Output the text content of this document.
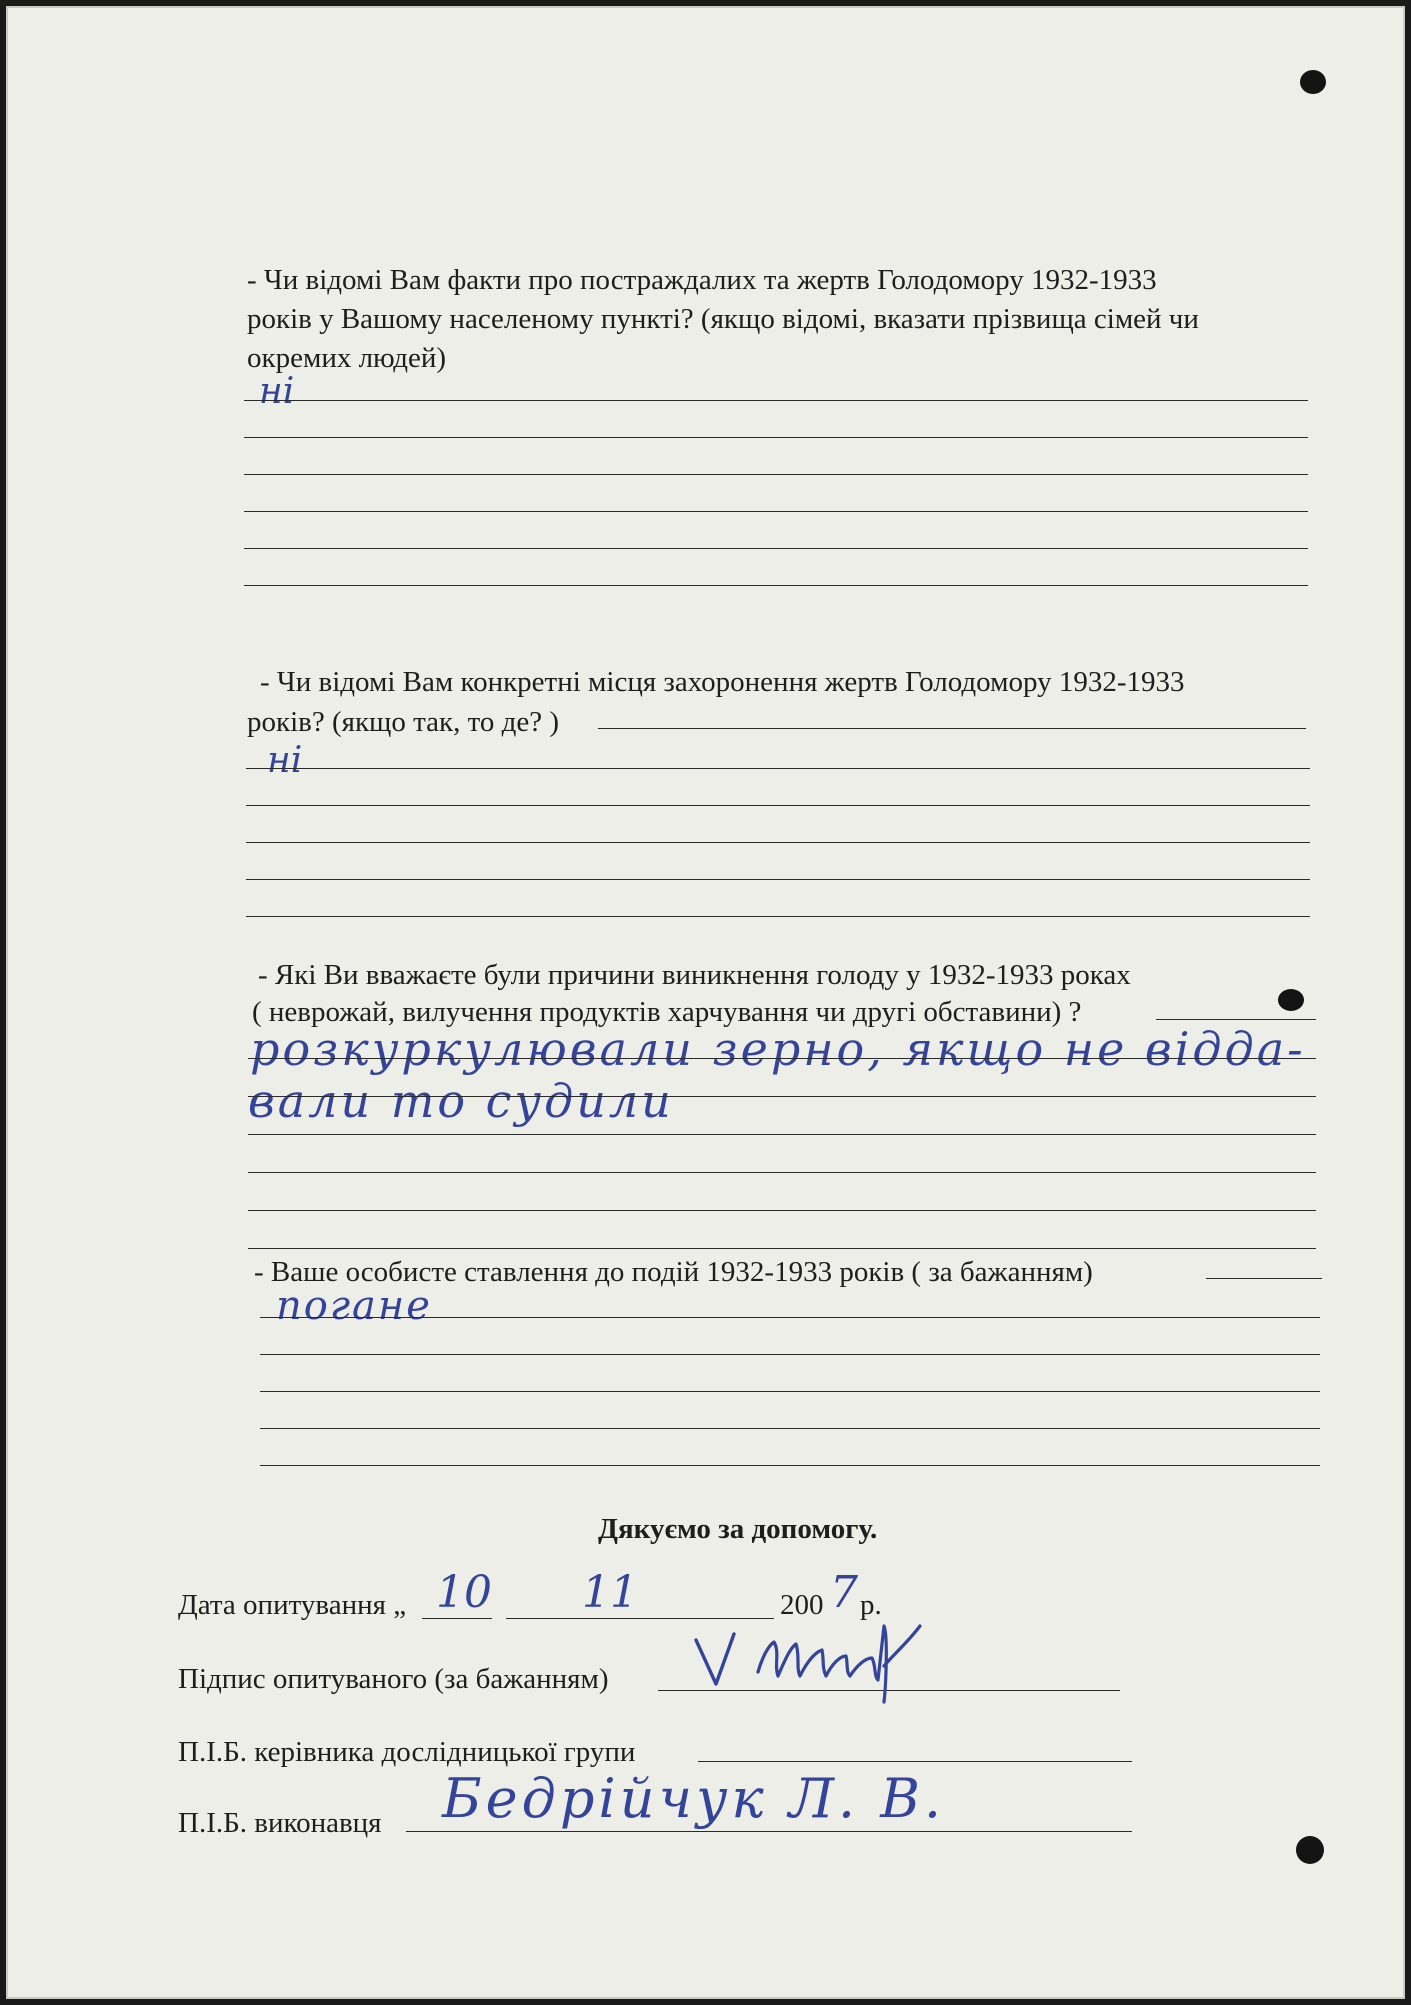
- Чи відомі Вам факти про постраждалих та жертв Голодомору 1932-1933
років у Вашому населеному пункті? (якщо відомі, вказати прізвища сімей чи
окремих людей)
ні
- Чи відомі Вам конкретні місця захоронення жертв Голодомору 1932-1933
років? (якщо так, то де? )
ні
- Які Ви вважаєте були причини виникнення голоду у 1932-1933 роках
( неврожай, вилучення продуктів харчування чи другі обставини) ?
розкуркулювали зерно, якщо не відда-
вали то судили
- Ваше особисте ставлення до подій 1932-1933 років ( за бажанням)
погане
Дякуємо за допомогу.
Дата опитування „ 10 11	200 7 р.
Підпис опитуваного (за бажанням)
П.І.Б. керівника дослідницької групи
П.І.Б. виконавця Бедрійчук Л. В.
